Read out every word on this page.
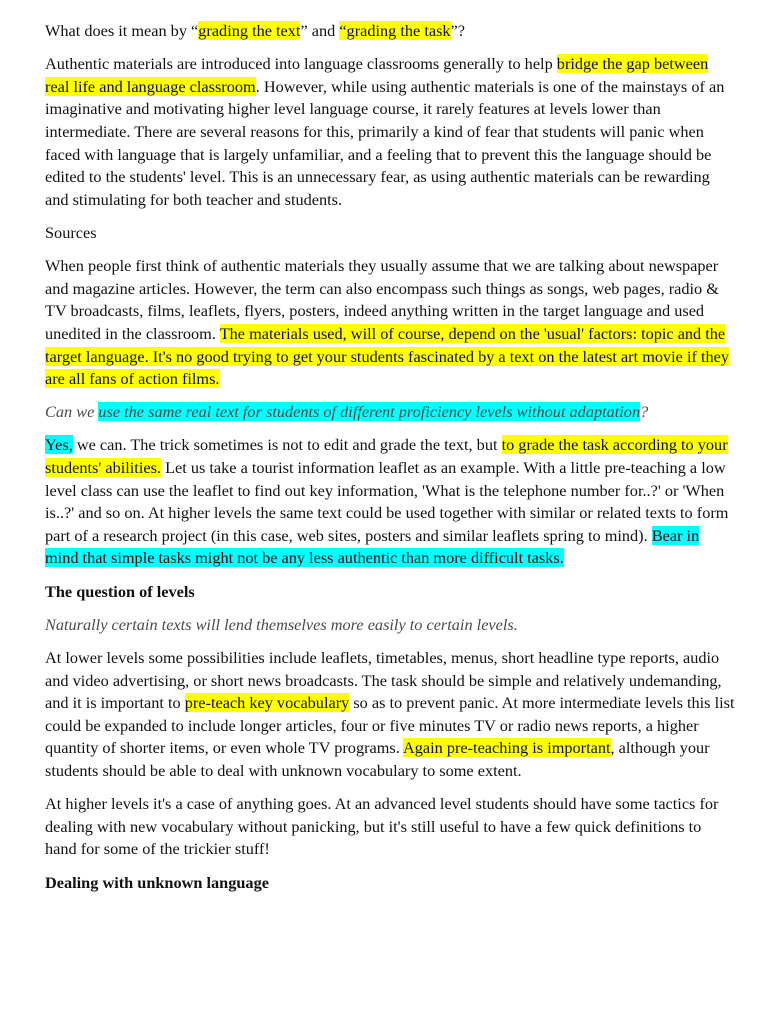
What does it mean by “grading the text” and “grading the task”?

Authentic materials are introduced into language classrooms generally to help bridge the gap between real life and language classroom. However, while using authentic materials is one of the mainstays of an imaginative and motivating higher level language course, it rarely features at levels lower than intermediate. There are several reasons for this, primarily a kind of fear that students will panic when faced with language that is largely unfamiliar, and a feeling that to prevent this the language should be edited to the students' level. This is an unnecessary fear, as using authentic materials can be rewarding and stimulating for both teacher and students.

Sources

When people first think of authentic materials they usually assume that we are talking about newspaper and magazine articles. However, the term can also encompass such things as songs, web pages, radio & TV broadcasts, films, leaflets, flyers, posters, indeed anything written in the target language and used unedited in the classroom. The materials used, will of course, depend on the 'usual' factors: topic and the target language. It's no good trying to get your students fascinated by a text on the latest art movie if they are all fans of action films.

Can we use the same real text for students of different proficiency levels without adaptation?

Yes, we can. The trick sometimes is not to edit and grade the text, but to grade the task according to your students' abilities. Let us take a tourist information leaflet as an example. With a little pre-teaching a low level class can use the leaflet to find out key information, 'What is the telephone number for..?' or 'When is..?' and so on. At higher levels the same text could be used together with similar or related texts to form part of a research project (in this case, web sites, posters and similar leaflets spring to mind). Bear in mind that simple tasks might not be any less authentic than more difficult tasks.

The question of levels

Naturally certain texts will lend themselves more easily to certain levels.

At lower levels some possibilities include leaflets, timetables, menus, short headline type reports, audio and video advertising, or short news broadcasts. The task should be simple and relatively undemanding, and it is important to pre-teach key vocabulary so as to prevent panic. At more intermediate levels this list could be expanded to include longer articles, four or five minutes TV or radio news reports, a higher quantity of shorter items, or even whole TV programs. Again pre-teaching is important, although your students should be able to deal with unknown vocabulary to some extent.

At higher levels it's a case of anything goes. At an advanced level students should have some tactics for dealing with new vocabulary without panicking, but it's still useful to have a few quick definitions to hand for some of the trickier stuff!

Dealing with unknown language
